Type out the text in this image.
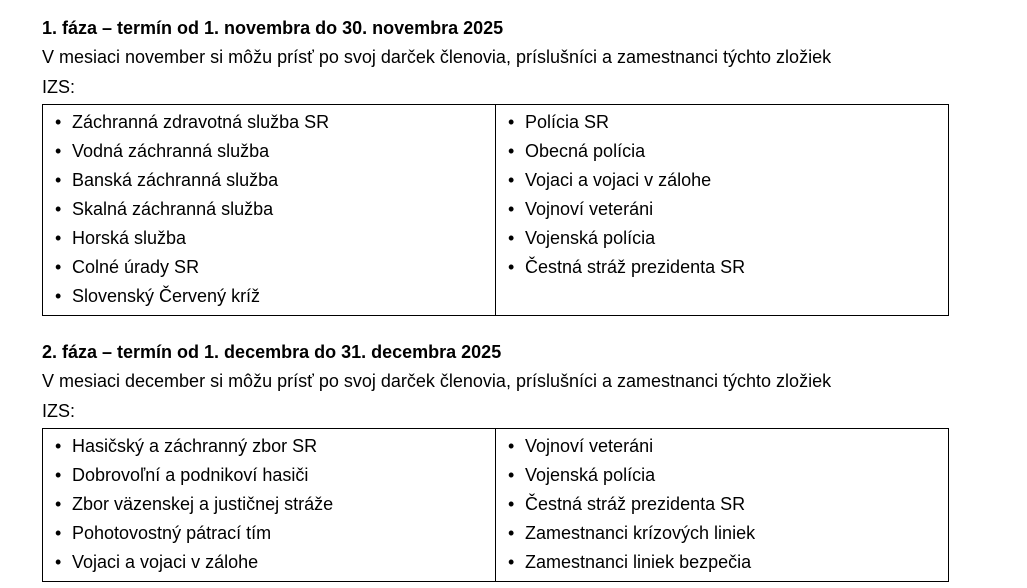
1. fáza – termín od 1. novembra do 30. novembra 2025

V mesiaci november si môžu prísť po svoj darček členovia, príslušníci a zamestnanci týchto zložiek
IZS:

• Záchranná zdravotná služba SR
• Vodná záchranná služba
• Banská záchranná služba
• Skalná záchranná služba
• Horská služba
• Colné úrady SR
• Slovenský Červený kríž

• Polícia SR
• Obecná polícia
• Vojaci a vojaci v zálohe
• Vojnoví veteráni
• Vojenská polícia
• Čestná stráž prezidenta SR
2. fáza – termín od 1. decembra do 31. decembra 2025

V mesiaci december si môžu prísť po svoj darček členovia, príslušníci a zamestnanci týchto zložiek
IZS:

• Hasičský a záchranný zbor SR
• Dobrovoľní a podnikoví hasiči
• Zbor väzenskej a justičnej stráže
• Pohotovostný pátrací tím
• Vojaci a vojaci v zálohe

• Vojnoví veteráni
• Vojenská polícia
• Čestná stráž prezidenta SR
• Zamestnanci krízových liniek
• Zamestnanci liniek bezpečia
